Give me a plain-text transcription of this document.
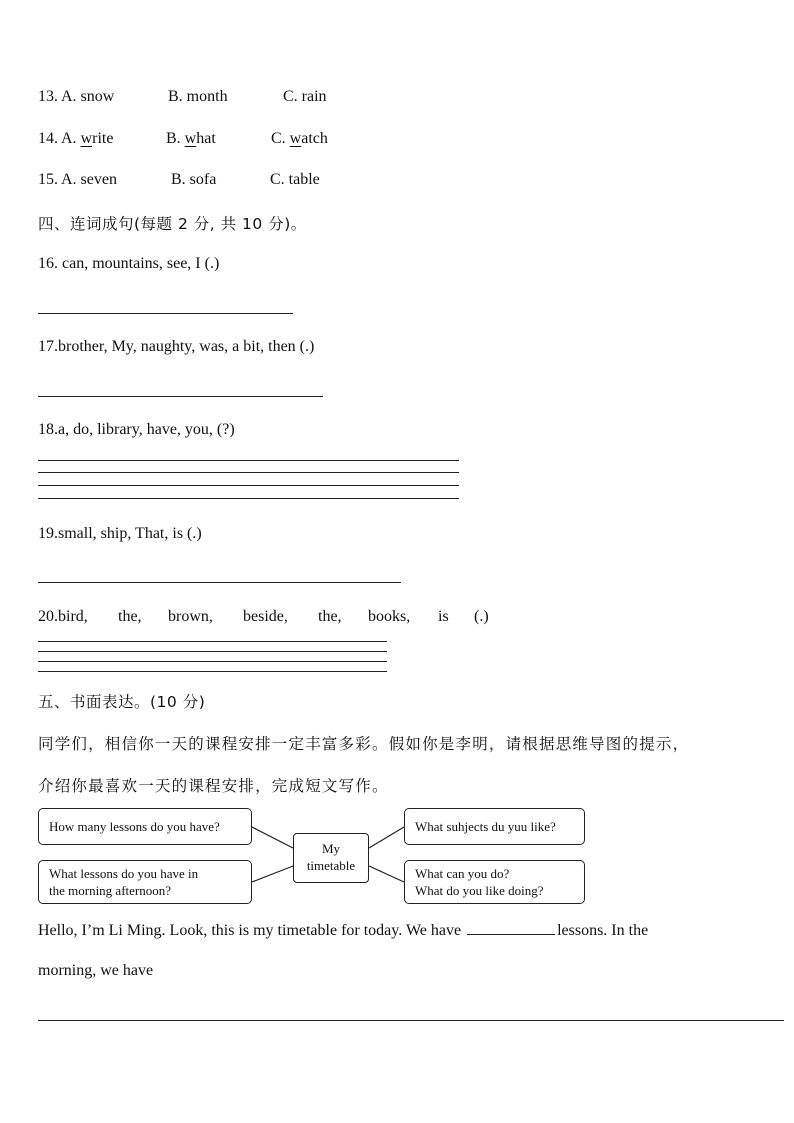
13. A. snow	B. month	C. rain
14. A. write	B. what	C. watch
15. A. seven	B. sofa	C. table
四、连词成句(每题 2 分, 共 10 分)。
16. can, mountains, see, I (.)
17.brother, My, naughty, was, a bit, then (.)
18.a, do, library, have, you, (?)
19.small, ship, That, is (.)
20.bird, the, brown, beside, the, books, is (.)
五、书面表达。(10 分)
同学们，相信你一天的课程安排一定丰富多彩。假如你是李明，请根据思维导图的提示，
介绍你最喜欢一天的课程安排，完成短文写作。
How many lessons do you have?
What lessons do you have in
the morning afternoon?
My
timetable
What suhjects du yuu like?
What can you do?
What do you like doing?
Hello, I’m Li Ming. Look, this is my timetable for today. We have	lessons. In the
morning, we have
